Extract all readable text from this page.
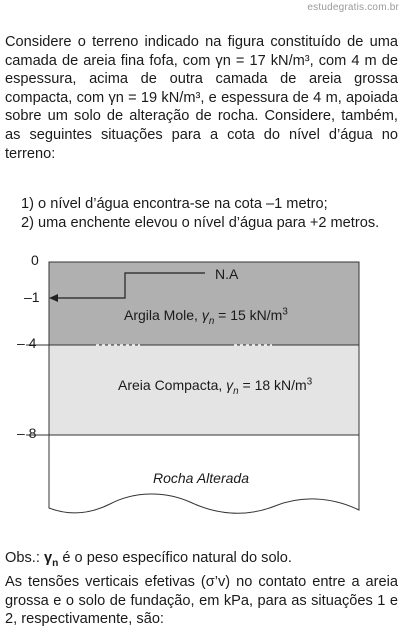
estudegratis.com.br
Considere o terreno indicado na figura constituído de uma camada de areia fina fofa, com γn = 17 kN/m³, com 4 m de espessura, acima de outra camada de areia grossa compacta, com γn = 19 kN/m³, e espessura de 4 m, apoiada sobre um solo de alteração de rocha. Considere, também, as seguintes situações para a cota do nível d’água no terreno:
1) o nível d’água encontra-se na cota –1 metro;
2) uma enchente elevou o nível d’água para +2 metros.
0
–1
– 4
– 8
N.A
Argila Mole, $\gamma_n = 15$ $kN/m^3$
Areia Compacta, $\gamma_n = 18$ $kN/m^3$
Rocha Alterada
Obs.: $\gamma_n$ é o peso específico natural do solo.
As tensões verticais efetivas (σ’v) no contato entre a areia grossa e o solo de fundação, em kPa, para as situações 1 e 2, respectivamente, são:
